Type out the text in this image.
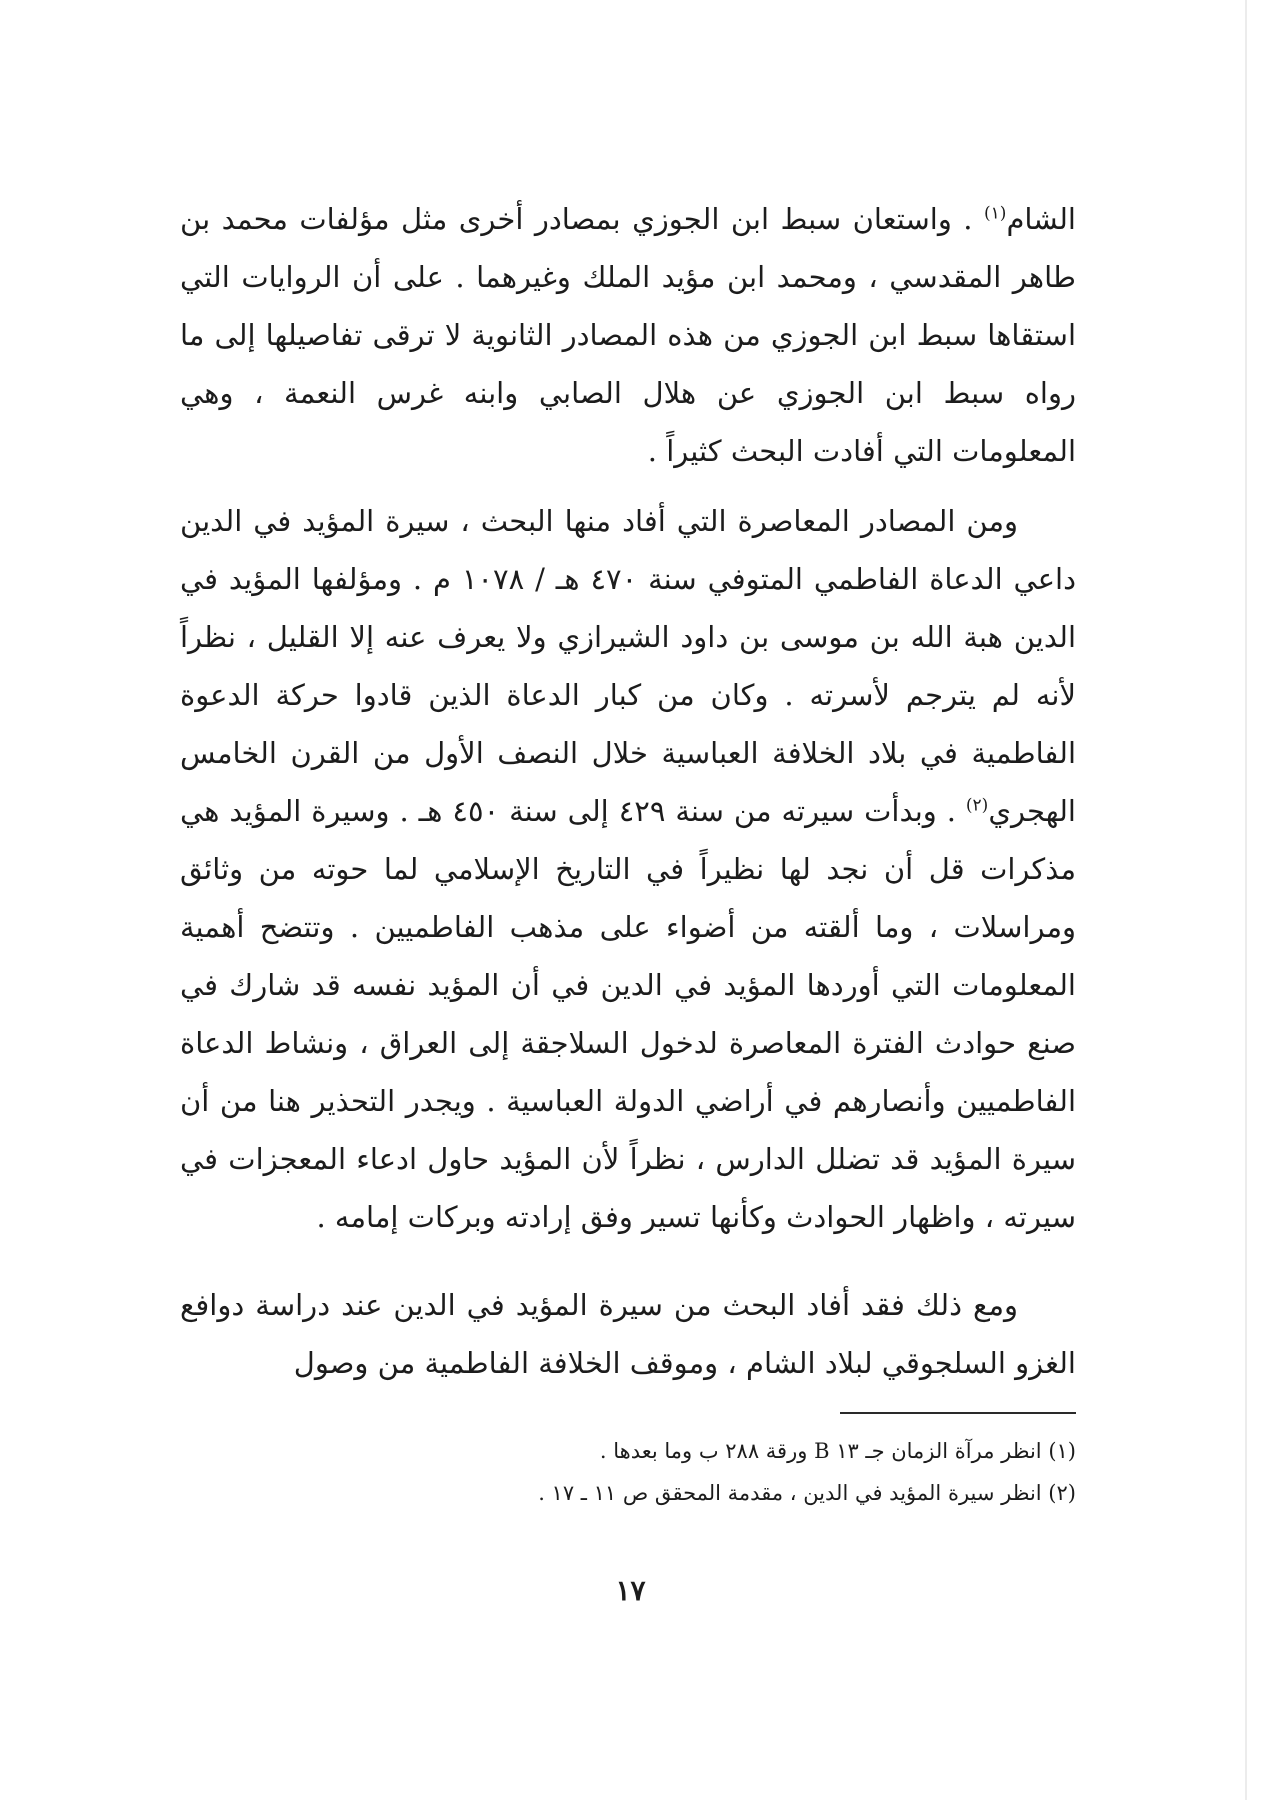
الشام$^{(١)}$ . واستعان سبط ابن الجوزي بمصادر أخرى مثل مؤلفات محمد بن طاهر المقدسي ، ومحمد ابن مؤيد الملك وغيرهما . على أن الروايات التي استقاها سبط ابن الجوزي من هذه المصادر الثانوية لا ترقى تفاصيلها إلى ما رواه سبط ابن الجوزي عن هلال الصابي وابنه غرس النعمة ، وهي المعلومات التي أفادت البحث كثيراً .

ومن المصادر المعاصرة التي أفاد منها البحث ، سيرة المؤيد في الدين داعي الدعاة الفاطمي المتوفي سنة ٤٧٠ هـ / ١٠٧٨ م . ومؤلفها المؤيد في الدين هبة الله بن موسى بن داود الشيرازي ولا يعرف عنه إلا القليل ، نظراً لأنه لم يترجم لأسرته . وكان من كبار الدعاة الذين قادوا حركة الدعوة الفاطمية في بلاد الخلافة العباسية خلال النصف الأول من القرن الخامس الهجري$^{(٢)}$ . وبدأت سيرته من سنة ٤٢٩ إلى سنة ٤٥٠ هـ . وسيرة المؤيد هي مذكرات قل أن نجد لها نظيراً في التاريخ الإسلامي لما حوته من وثائق ومراسلات ، وما ألقته من أضواء على مذهب الفاطميين . وتتضح أهمية المعلومات التي أوردها المؤيد في الدين في أن المؤيد نفسه قد شارك في صنع حوادث الفترة المعاصرة لدخول السلاجقة إلى العراق ، ونشاط الدعاة الفاطميين وأنصارهم في أراضي الدولة العباسية . ويجدر التحذير هنا من أن سيرة المؤيد قد تضلل الدارس ، نظراً لأن المؤيد حاول ادعاء المعجزات في سيرته ، واظهار الحوادث وكأنها تسير وفق إرادته وبركات إمامه .

ومع ذلك فقد أفاد البحث من سيرة المؤيد في الدين عند دراسة دوافع الغزو السلجوقي لبلاد الشام ، وموقف الخلافة الفاطمية من وصول

(١) انظر مرآة الزمان جـ ١٣ B ورقة ٢٨٨ ب وما بعدها .

(٢) انظر سيرة المؤيد في الدين ، مقدمة المحقق ص ١١ ـ ١٧ .

١٧
